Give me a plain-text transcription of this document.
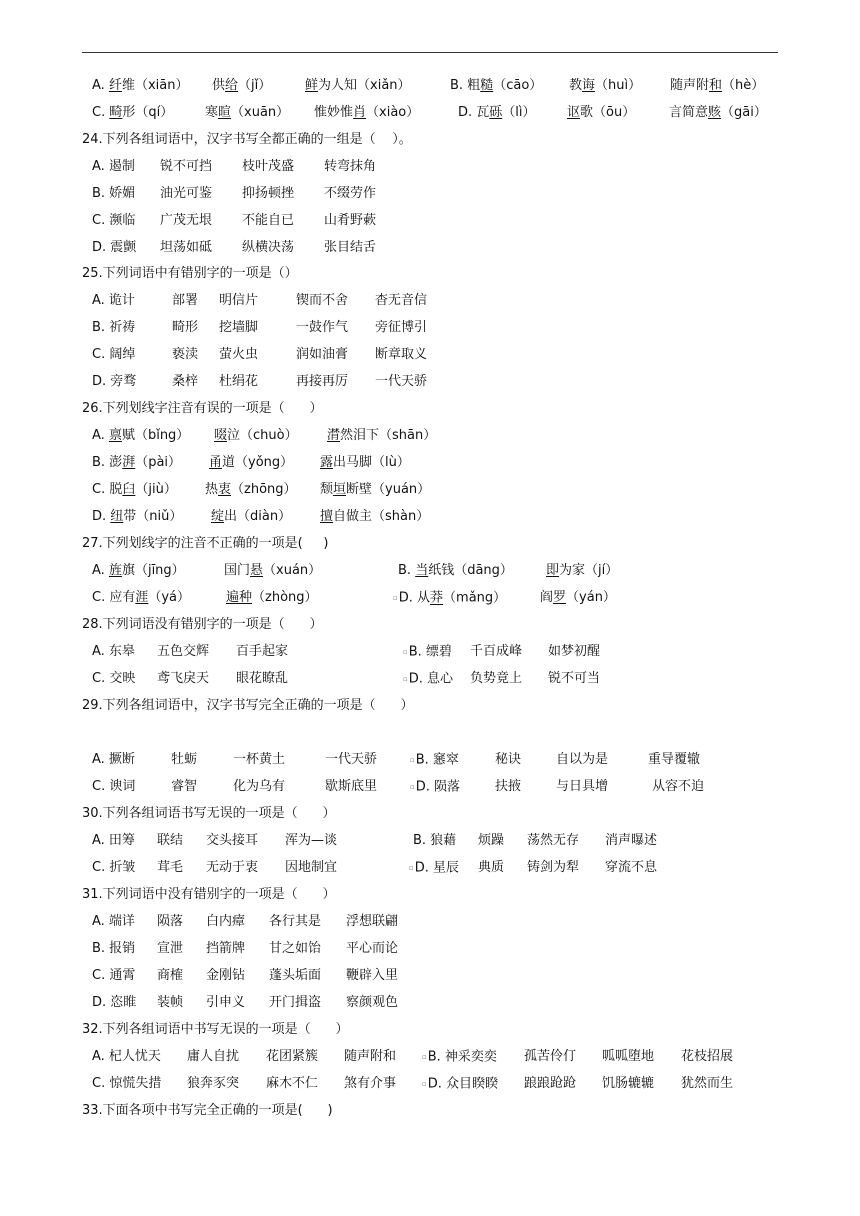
A. 纤维（xiān） 供给（jǐ）	鲜为人知（xiǎn）	B. 粗糙（cāo） 教诲（huì） 随声附和（hè）
C. 畸形（qí） 寒暄（xuān） 惟妙惟肖（xiào）	D. 瓦砾（lì） 讴歌（ōu）	言简意赅（gāi）
24.下列各组词语中，汉字书写全都正确的一组是（    ）。
A. 遏制 锐不可挡 枝叶茂盛 转弯抹角
B. 娇媚 油光可鉴 抑扬顿挫 不缀劳作
C. 濒临 广茂无垠 不能自已 山肴野蔌
D. 震颤 坦荡如砥 纵横决荡 张目结舌
25.下列词语中有错别字的一项是（）
A. 诡计	部署 明信片	锲而不舍 杳无音信
B. 祈祷	畸形 挖墙脚	一鼓作气 旁征博引
C. 阔绰	亵渎 萤火虫	润如油膏 断章取义
D. 旁骛	桑梓 杜绢花	再接再厉 一代天骄
26.下列划线字注音有误的一项是（      ）
A. 禀赋（bǐng） 啜泣（chuò） 潸然泪下（shān）
B. 澎湃（pài） 甬道（yǒng） 露出马脚（lù）
C. 脱臼（jiù） 热衷（zhōng） 颓垣断壁（yuán）
D. 纽带（niǔ） 绽出（diàn） 擅自做主（shàn）
27.下列划线字的注音不正确的一项是(     )
A. 旌旗（jīng）	国门悬（xuán）	B. 当纸钱（dāng）	即为家（jí）
C. 应有涯（yá）	遍种（zhòng）	▫D. 从莽（mǎng）	阎罗（yán）
28.下列词语没有错别字的一项是（      ）
A. 东皋 五色交辉 百手起家	▫B. 缥碧 千百成峰 如梦初醒
C. 交映 鸢飞戾天 眼花瞭乱	▫D. 息心 负势竟上 锐不可当
29.下列各组词语中，汉字书写完全正确的一项是（      ）
A. 撅断	牡蛎	一杯黄土	一代天骄	▫B. 窸窣	秘诀	自以为是	重导覆辙
C. 谀词	睿智	化为乌有	歇斯底里	▫D. 陨落	扶掖	与日具增	从容不迫
30.下列各组词语书写无误的一项是（      ）
A. 田筹 联结 交头接耳 浑为—谈	B. 狼藉 烦躁 荡然无存 消声曝述
C. 折皱 茸毛 无动于衷 因地制宜	▫D. 星辰 典质 铸剑为犁 穿流不息
31.下列词语中没有错别字的一项是（      ）
A. 端详 陨落 白内瘴 各行其是 浮想联翩
B. 报销 宣泄 挡箭牌 甘之如饴 平心而论
C. 通霄 商榷 金刚钻 蓬头垢面 鞭辟入里
D. 恣睢 装帧 引申义 开门揖盗 察颜观色
32.下列各组词语中书写无误的一项是（      ）
A. 杞人忧天 庸人自扰 花团紧簇 随声附和	▫B. 神采奕奕 孤苦伶仃 呱呱堕地 花枝招展
C. 惊慌失措 狼奔豕突 麻木不仁 煞有介事	▫D. 众目睽睽 踉踉跄跄 饥肠辘辘 犹然而生
33.下面各项中书写完全正确的一项是(      )
